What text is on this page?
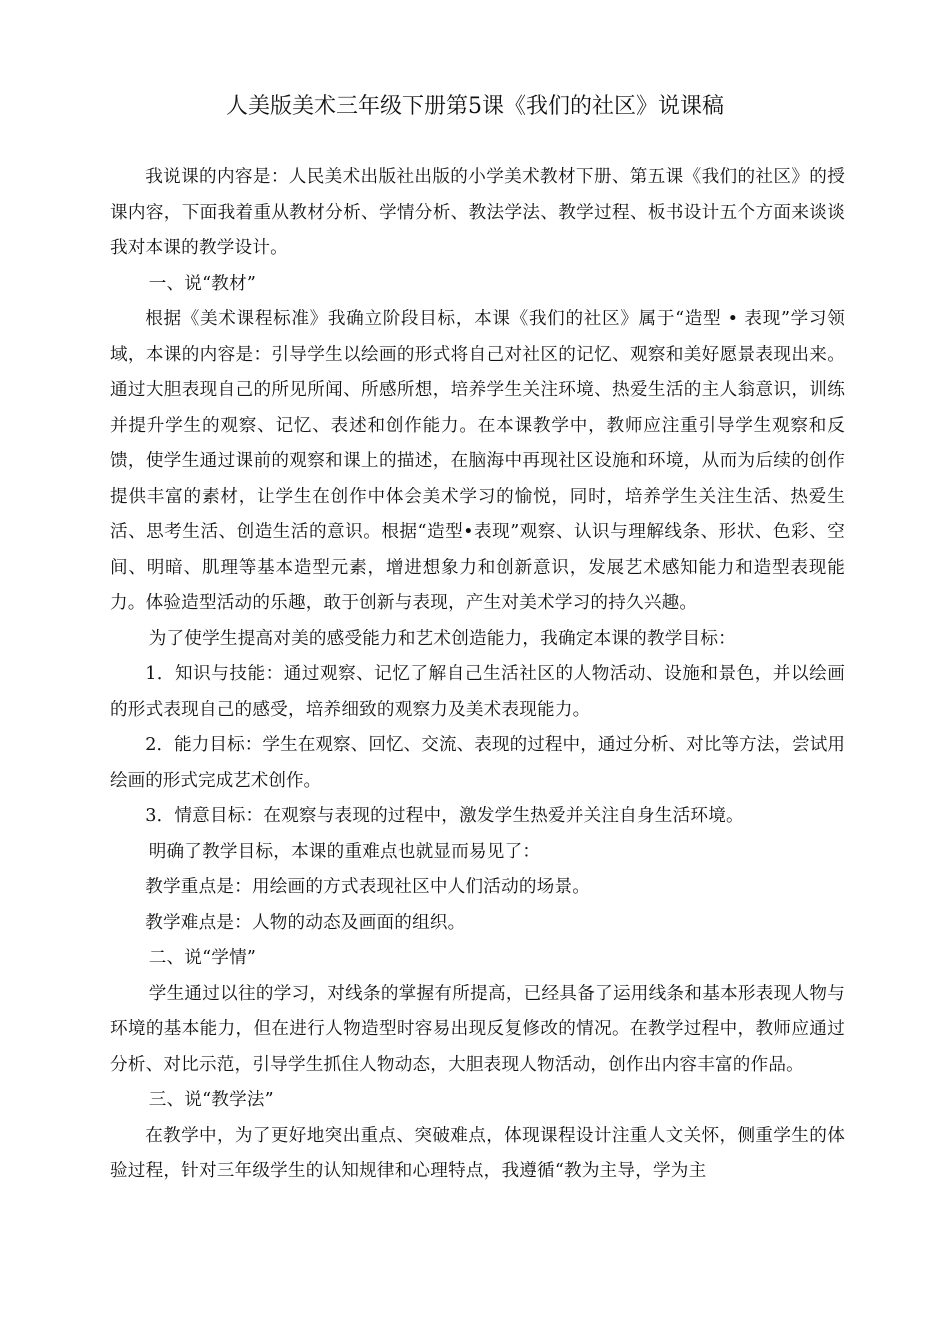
人美版美术三年级下册第5课《我们的社区》说课稿

我说课的内容是：人民美术出版社出版的小学美术教材下册、第五课《我们的社区》的授课内容，下面我着重从教材分析、学情分析、教法学法、教学过程、板书设计五个方面来谈谈我对本课的教学设计。

一、说“教材”

根据《美术课程标准》我确立阶段目标，本课《我们的社区》属于“造型 • 表现”学习领域，本课的内容是：引导学生以绘画的形式将自己对社区的记忆、观察和美好愿景表现出来。通过大胆表现自己的所见所闻、所感所想，培养学生关注环境、热爱生活的主人翁意识，训练并提升学生的观察、记忆、表述和创作能力。在本课教学中，教师应注重引导学生观察和反馈，使学生通过课前的观察和课上的描述，在脑海中再现社区设施和环境，从而为后续的创作提供丰富的素材，让学生在创作中体会美术学习的愉悦，同时，培养学生关注生活、热爱生活、思考生活、创造生活的意识。根据“造型•表现”观察、认识与理解线条、形状、色彩、空间、明暗、肌理等基本造型元素，增进想象力和创新意识，发展艺术感知能力和造型表现能力。体验造型活动的乐趣，敢于创新与表现，产生对美术学习的持久兴趣。

为了使学生提高对美的感受能力和艺术创造能力，我确定本课的教学目标：

1．知识与技能：通过观察、记忆了解自己生活社区的人物活动、设施和景色，并以绘画的形式表现自己的感受，培养细致的观察力及美术表现能力。

2．能力目标：学生在观察、回忆、交流、表现的过程中，通过分析、对比等方法，尝试用绘画的形式完成艺术创作。

3．情意目标：在观察与表现的过程中，激发学生热爱并关注自身生活环境。

明确了教学目标，本课的重难点也就显而易见了：

教学重点是：用绘画的方式表现社区中人们活动的场景。

教学难点是：人物的动态及画面的组织。

二、说“学情”

学生通过以往的学习，对线条的掌握有所提高，已经具备了运用线条和基本形表现人物与环境的基本能力，但在进行人物造型时容易出现反复修改的情况。在教学过程中，教师应通过分析、对比示范，引导学生抓住人物动态，大胆表现人物活动，创作出内容丰富的作品。

三、说“教学法”

在教学中，为了更好地突出重点、突破难点，体现课程设计注重人文关怀，侧重学生的体验过程，针对三年级学生的认知规律和心理特点，我遵循“教为主导，学为主
